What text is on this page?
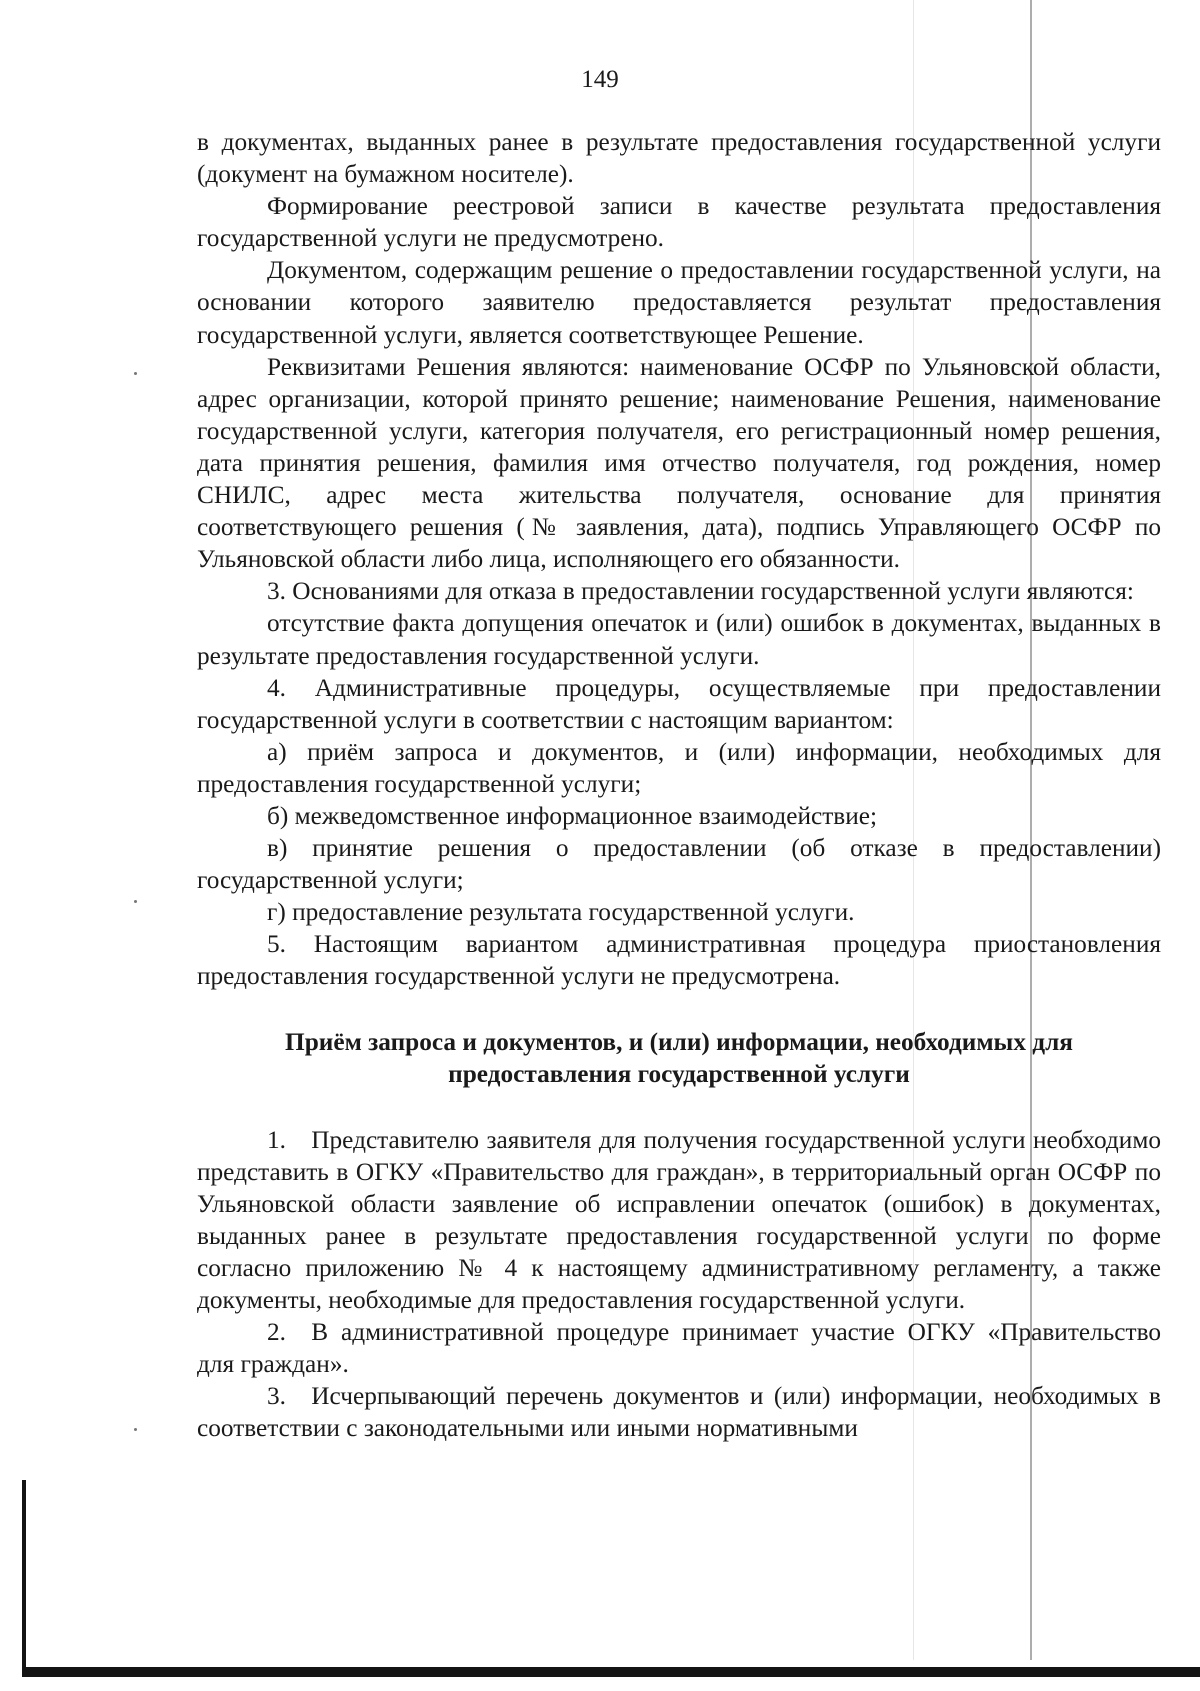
149

в документах, выданных ранее в результате предоставления государственной услуги (документ на бумажном носителе).

Формирование реестровой записи в качестве результата предоставления государственной услуги не предусмотрено.

Документом, содержащим решение о предоставлении государственной услуги, на основании которого заявителю предоставляется результат предоставления государственной услуги, является соответствующее Решение.

Реквизитами Решения являются: наименование ОСФР по Ульяновской области, адрес организации, которой принято решение; наименование Решения, наименование государственной услуги, категория получателя, его регистрационный номер решения, дата принятия решения, фамилия имя отчество получателя, год рождения, номер СНИЛС, адрес места жительства получателя, основание для принятия соответствующего решения (№ заявления, дата), подпись Управляющего ОСФР по Ульяновской области либо лица, исполняющего его обязанности.

3. Основаниями для отказа в предоставлении государственной услуги являются:

отсутствие факта допущения опечаток и (или) ошибок в документах, выданных в результате предоставления государственной услуги.

4. Административные процедуры, осуществляемые при предоставлении государственной услуги в соответствии с настоящим вариантом:

а) приём запроса и документов, и (или) информации, необходимых для предоставления государственной услуги;

б) межведомственное информационное взаимодействие;

в) принятие решения о предоставлении (об отказе в предоставлении) государственной услуги;

г) предоставление результата государственной услуги.

5. Настоящим вариантом административная процедура приостановления предоставления государственной услуги не предусмотрена.

Приём запроса и документов, и (или) информации, необходимых для
предоставления государственной услуги

1. Представителю заявителя для получения государственной услуги необходимо представить в ОГКУ «Правительство для граждан», в территориальный орган ОСФР по Ульяновской области заявление об исправлении опечаток (ошибок) в документах, выданных ранее в результате предоставления государственной услуги по форме согласно приложению № 4 к настоящему административному регламенту, а также документы, необходимые для предоставления государственной услуги.

2. В административной процедуре принимает участие ОГКУ «Правительство для граждан».

3. Исчерпывающий перечень документов и (или) информации, необходимых в соответствии с законодательными или иными нормативными
